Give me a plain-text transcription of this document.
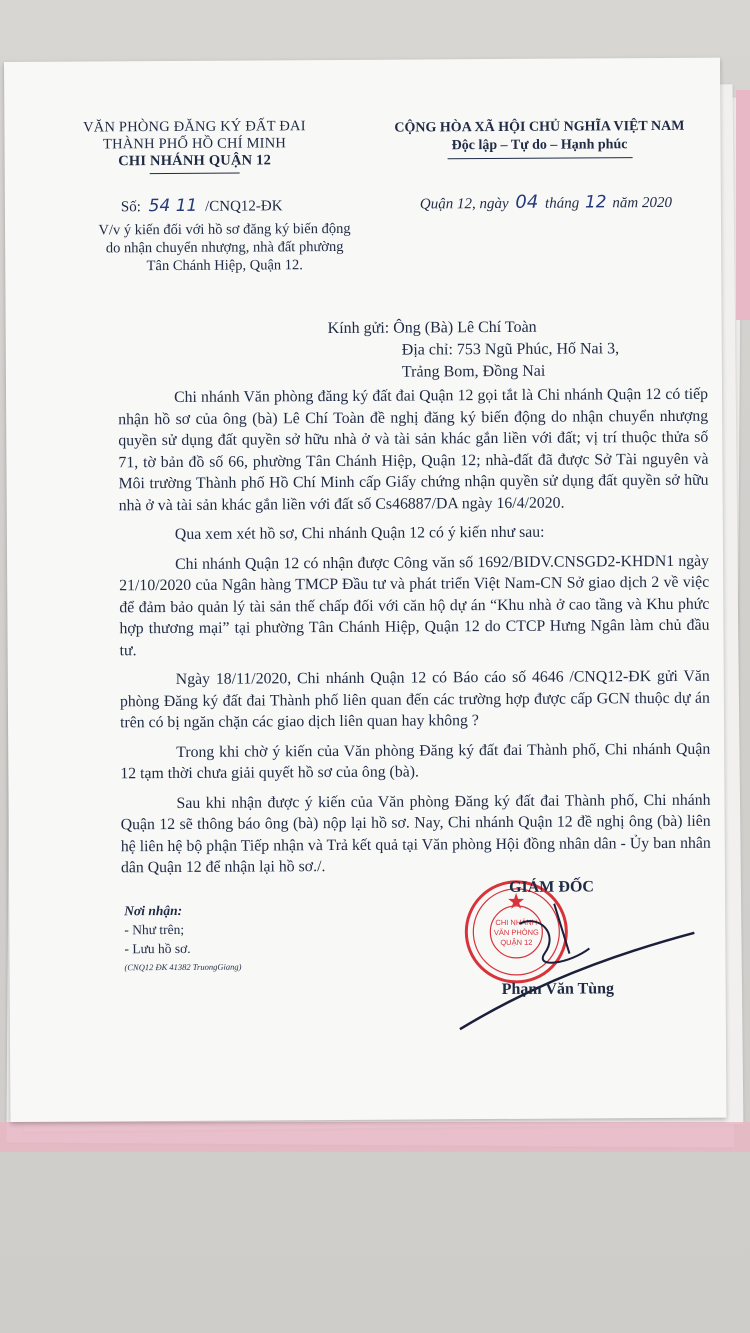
VĂN PHÒNG ĐĂNG KÝ ĐẤT ĐAI
THÀNH PHỐ HỒ CHÍ MINH
CHI NHÁNH QUẬN 12
CỘNG HÒA XÃ HỘI CHỦ NGHĨA VIỆT NAM
Độc lập – Tự do – Hạnh phúc
Số: 54 11 /CNQ12-ĐK	Quận 12, ngày 04 tháng 12 năm 2020
V/v ý kiến đối với hồ sơ đăng ký biến động do nhận chuyển nhượng, nhà đất phường Tân Chánh Hiệp, Quận 12.
Kính gửi: Ông (Bà) Lê Chí Toàn
Địa chỉ: 753 Ngũ Phúc, Hố Nai 3,
Trảng Bom, Đồng Nai

Chi nhánh Văn phòng đăng ký đất đai Quận 12 gọi tắt là Chi nhánh Quận 12 có tiếp nhận hồ sơ của ông (bà) Lê Chí Toàn đề nghị đăng ký biến động do nhận chuyển nhượng quyền sử dụng đất quyền sở hữu nhà ở và tài sản khác gắn liền với đất; vị trí thuộc thửa số 71, tờ bản đồ số 66, phường Tân Chánh Hiệp, Quận 12; nhà-đất đã được Sở Tài nguyên và Môi trường Thành phố Hồ Chí Minh cấp Giấy chứng nhận quyền sử dụng đất quyền sở hữu nhà ở và tài sản khác gắn liền với đất số Cs46887/DA ngày 16/4/2020.

Qua xem xét hồ sơ, Chi nhánh Quận 12 có ý kiến như sau:

Chi nhánh Quận 12 có nhận được Công văn số 1692/BIDV.CNSGD2-KHDN1 ngày 21/10/2020 của Ngân hàng TMCP Đầu tư và phát triển Việt Nam-CN Sở giao dịch 2 về việc để đảm bảo quản lý tài sản thế chấp đối với căn hộ dự án “Khu nhà ở cao tầng và Khu phức hợp thương mại” tại phường Tân Chánh Hiệp, Quận 12 do CTCP Hưng Ngân làm chủ đầu tư.

Ngày 18/11/2020, Chi nhánh Quận 12 có Báo cáo số 4646 /CNQ12-ĐK gửi Văn phòng Đăng ký đất đai Thành phố liên quan đến các trường hợp được cấp GCN thuộc dự án trên có bị ngăn chặn các giao dịch liên quan hay không ?

Trong khi chờ ý kiến của Văn phòng Đăng ký đất đai Thành phố, Chi nhánh Quận 12 tạm thời chưa giải quyết hồ sơ của ông (bà).

Sau khi nhận được ý kiến của Văn phòng Đăng ký đất đai Thành phố, Chi nhánh Quận 12 sẽ thông báo ông (bà) nộp lại hồ sơ. Nay, Chi nhánh Quận 12 đề nghị ông (bà) liên hệ liên hệ bộ phận Tiếp nhận và Trả kết quả tại Văn phòng Hội đồng nhân dân - Ủy ban nhân dân Quận 12 để nhận lại hồ sơ./.

Nơi nhận:
- Như trên;
- Lưu hồ sơ.
(CNQ12 ĐK 41382 TruongGiang)
CHI NHÁNH
VĂN PHÒNG
QUẬN 12
GIÁM ĐỐC
Phạm Văn Tùng
